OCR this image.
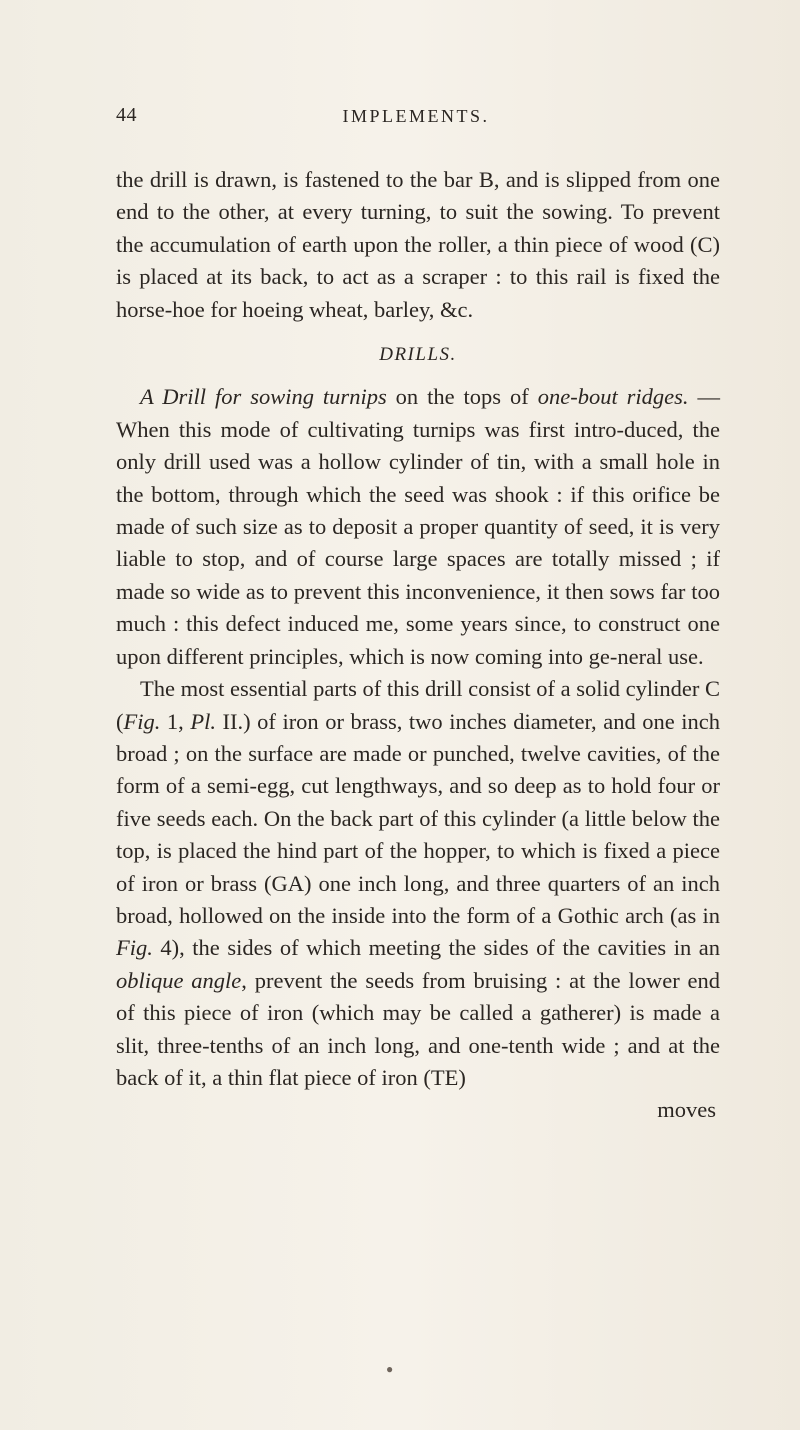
44	IMPLEMENTS.

the drill is drawn, is fastened to the bar B, and is slipped from one end to the other, at every turning, to suit the sowing. To prevent the accumulation of earth upon the roller, a thin piece of wood (C) is placed at its back, to act as a scraper : to this rail is fixed the horse-hoe for hoeing wheat, barley, &c.

DRILLS.

A Drill for sowing turnips on the tops of one-bout ridges. —When this mode of cultivating turnips was first intro-duced, the only drill used was a hollow cylinder of tin, with a small hole in the bottom, through which the seed was shook : if this orifice be made of such size as to deposit a proper quantity of seed, it is very liable to stop, and of course large spaces are totally missed ; if made so wide as to prevent this inconvenience, it then sows far too much : this defect induced me, some years since, to construct one upon different principles, which is now coming into ge-neral use.

The most essential parts of this drill consist of a solid cylinder C (Fig. 1, Pl. II.) of iron or brass, two inches diameter, and one inch broad ; on the surface are made or punched, twelve cavities, of the form of a semi-egg, cut lengthways, and so deep as to hold four or five seeds each. On the back part of this cylinder (a little below the top, is placed the hind part of the hopper, to which is fixed a piece of iron or brass (GA) one inch long, and three quarters of an inch broad, hollowed on the inside into the form of a Gothic arch (as in Fig. 4), the sides of which meeting the sides of the cavities in an oblique angle, prevent the seeds from bruising : at the lower end of this piece of iron (which may be called a gatherer) is made a slit, three-tenths of an inch long, and one-tenth wide ; and at the back of it, a thin flat piece of iron (TE)

moves
●
